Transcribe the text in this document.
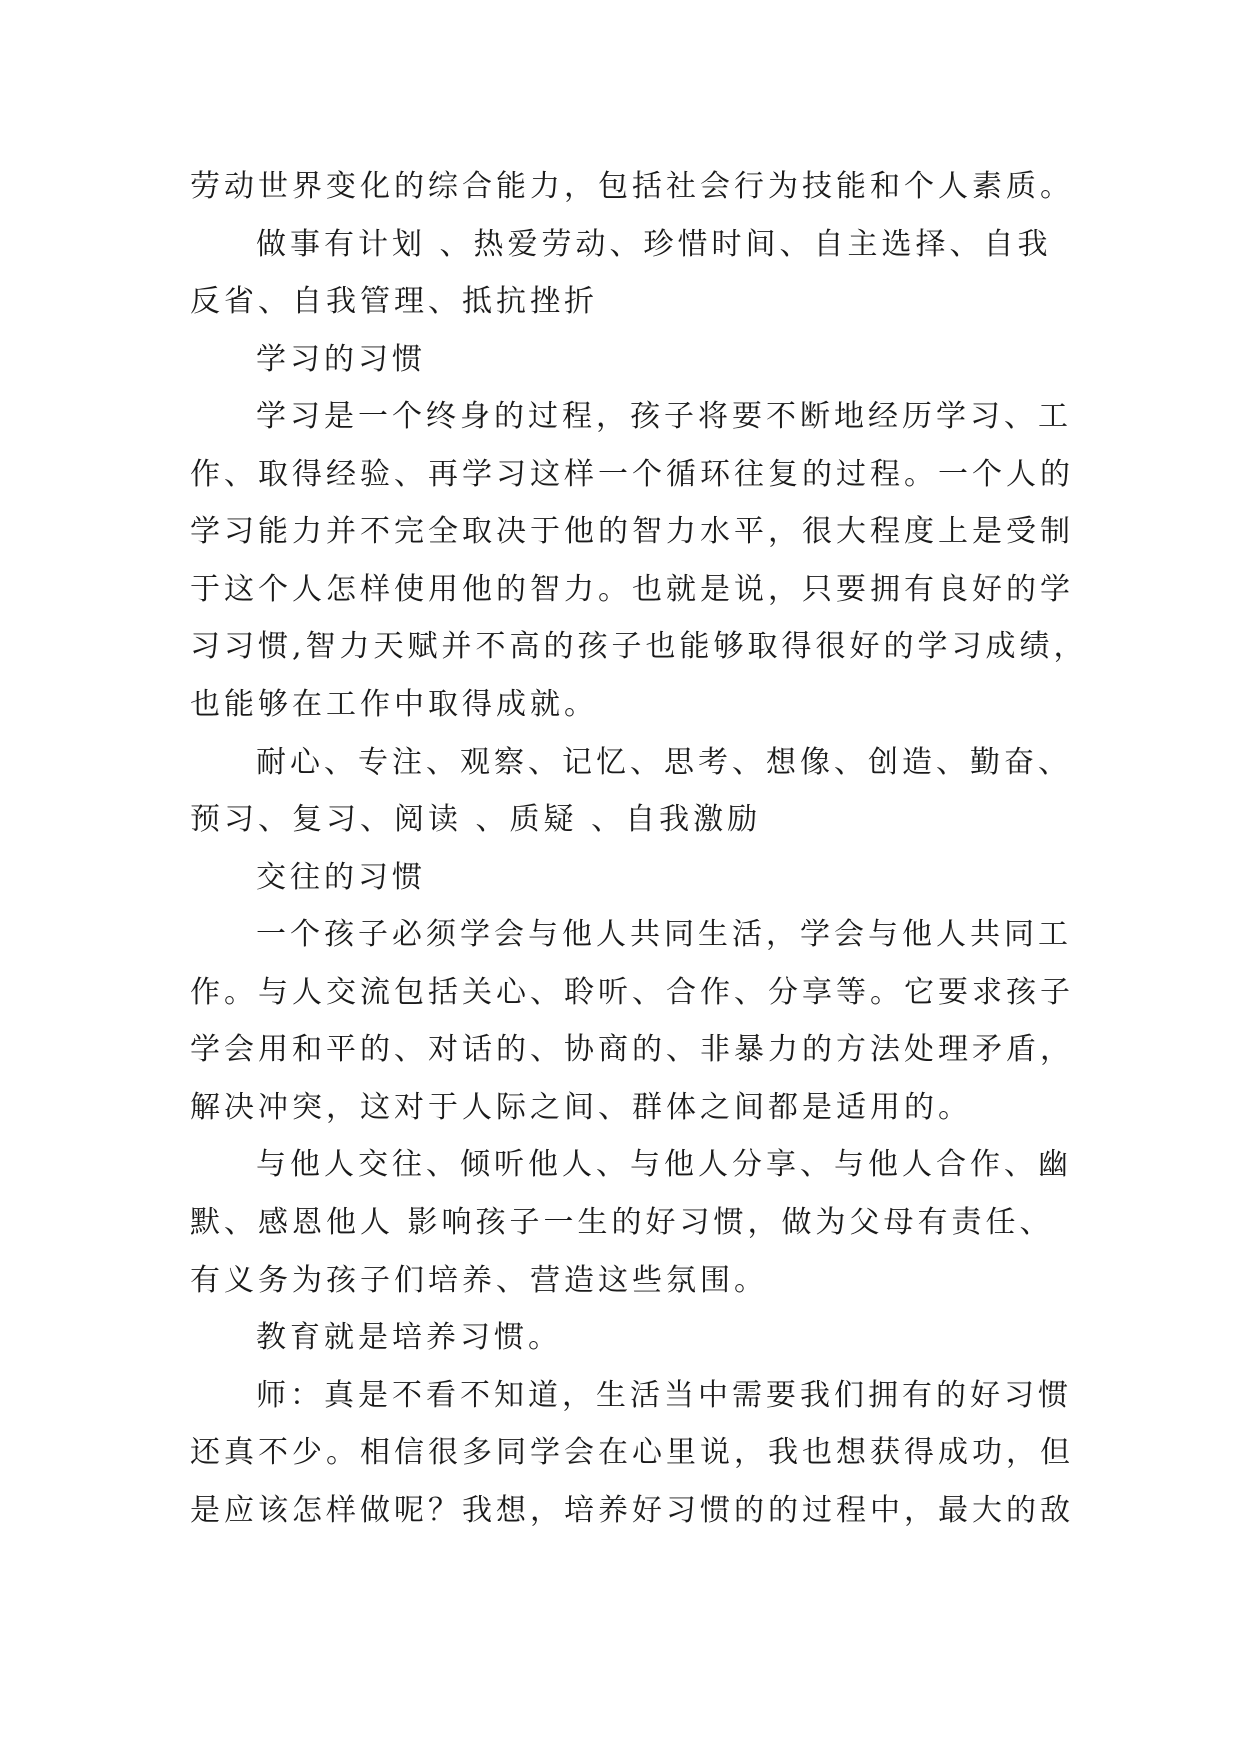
劳动世界变化的综合能力，包括社会行为技能和个人素质。
做事有计划 、热爱劳动、珍惜时间、自主选择、自我
反省、自我管理、抵抗挫折
学习的习惯
学习是一个终身的过程，孩子将要不断地经历学习、工
作、取得经验、再学习这样一个循环往复的过程。一个人的
学习能力并不完全取决于他的智力水平，很大程度上是受制
于这个人怎样使用他的智力。也就是说，只要拥有良好的学
习习惯,智力天赋并不高的孩子也能够取得很好的学习成绩，
也能够在工作中取得成就。
耐心、专注、观察、记忆、思考、想像、创造、勤奋、
预习、复习、阅读 、质疑 、自我激励
交往的习惯
一个孩子必须学会与他人共同生活，学会与他人共同工
作。与人交流包括关心、聆听、合作、分享等。它要求孩子
学会用和平的、对话的、协商的、非暴力的方法处理矛盾，
解决冲突，这对于人际之间、群体之间都是适用的。
与他人交往、倾听他人、与他人分享、与他人合作、幽
默、感恩他人 影响孩子一生的好习惯，做为父母有责任、
有义务为孩子们培养、营造这些氛围。
教育就是培养习惯。
师：真是不看不知道，生活当中需要我们拥有的好习惯
还真不少。相信很多同学会在心里说，我也想获得成功，但
是应该怎样做呢？我想，培养好习惯的的过程中，最大的敌
